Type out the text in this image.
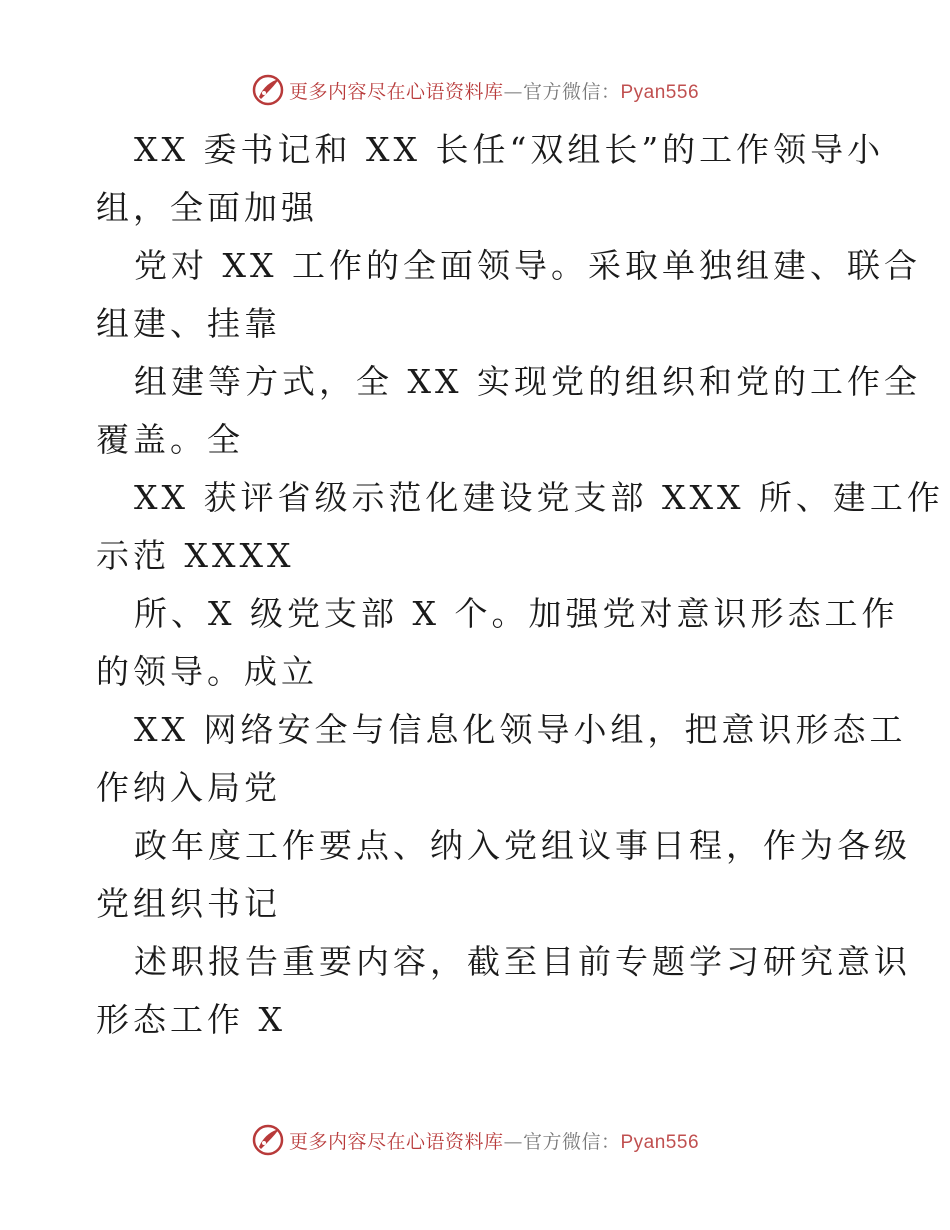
更多内容尽在心语资料库—官方微信：Pyan556
XX 委书记和 XX 长任“双组长”的工作领导小
组，全面加强
党对 XX 工作的全面领导。采取单独组建、联合
组建、挂靠
组建等方式，全 XX 实现党的组织和党的工作全
覆盖。全
XX 获评省级示范化建设党支部 XXX 所、建工作
示范 XXXX
所、X 级党支部 X 个。加强党对意识形态工作
的领导。成立
XX 网络安全与信息化领导小组，把意识形态工
作纳入局党
政年度工作要点、纳入党组议事日程，作为各级
党组织书记
述职报告重要内容，截至目前专题学习研究意识
形态工作 X
更多内容尽在心语资料库—官方微信：Pyan556
